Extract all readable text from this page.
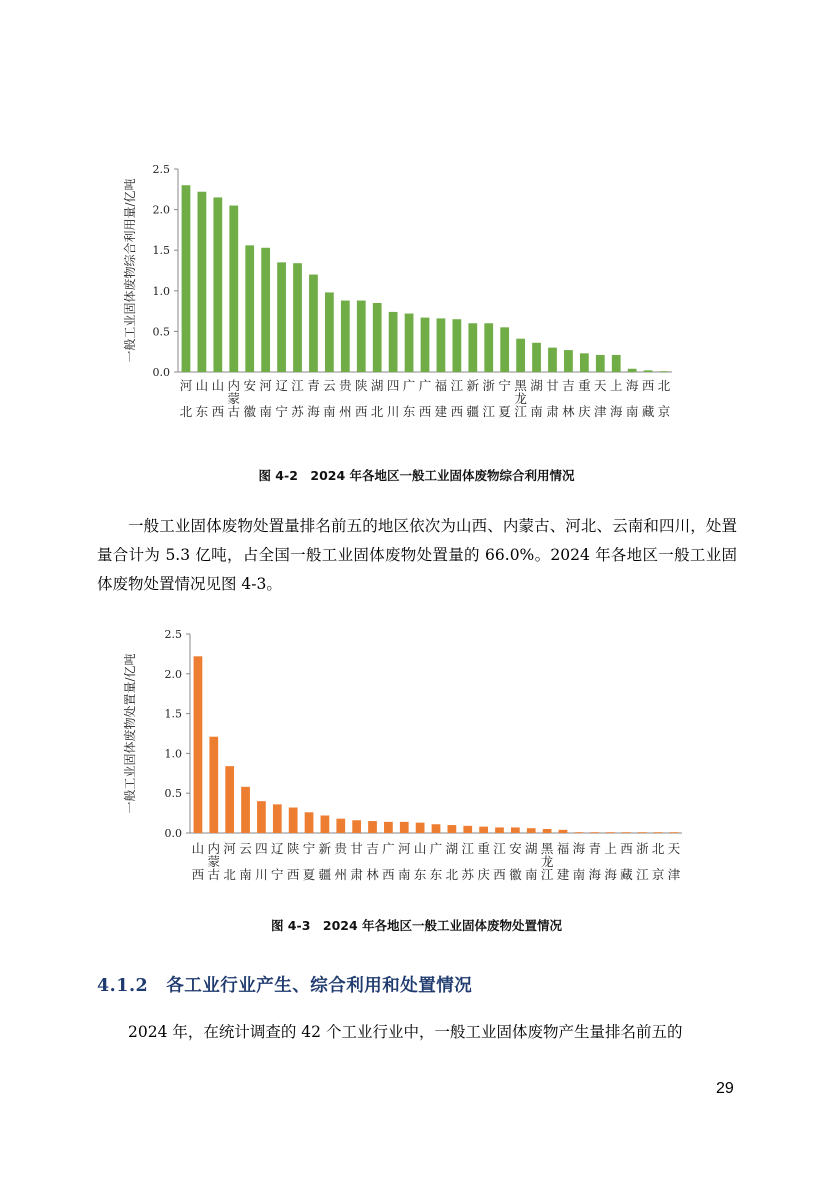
一般工业固体废物综合利用量/亿吨
0.0
0.5
1.0
1.5
2.0
2.5
河北
山东
山西
内蒙古
安徽
河南
辽宁
江苏
青海
云南
贵州
陕西
湖北
四川
广东
广西
福建
江西
新疆
浙江
宁夏
黑龙江
湖南
甘肃
吉林
重庆
天津
上海
海南
西藏
北京
图 4-2　2024 年各地区一般工业固体废物综合利用情况

一般工业固体废物处置量排名前五的地区依次为山西、内蒙古、河北、云南和四川，处置量合计为 5.3 亿吨，占全国一般工业固体废物处置量的 66.0%。2024 年各地区一般工业固体废物处置情况见图 4-3。

一般工业固体废物处置量/亿吨
0.0
0.5
1.0
1.5
2.0
2.5
山西
内蒙古
河北
云南
四川
辽宁
陕西
宁夏
新疆
贵州
甘肃
吉林
广西
河南
山东
广东
湖北
江苏
重庆
江西
安徽
湖南
黑龙江
福建
海南
青海
上海
西藏
浙江
北京
天津
图 4-3　2024 年各地区一般工业固体废物处置情况
4.1.2 各工业行业产生、综合利用和处置情况

2024 年，在统计调查的 42 个工业行业中，一般工业固体废物产生量排名前五的

29
